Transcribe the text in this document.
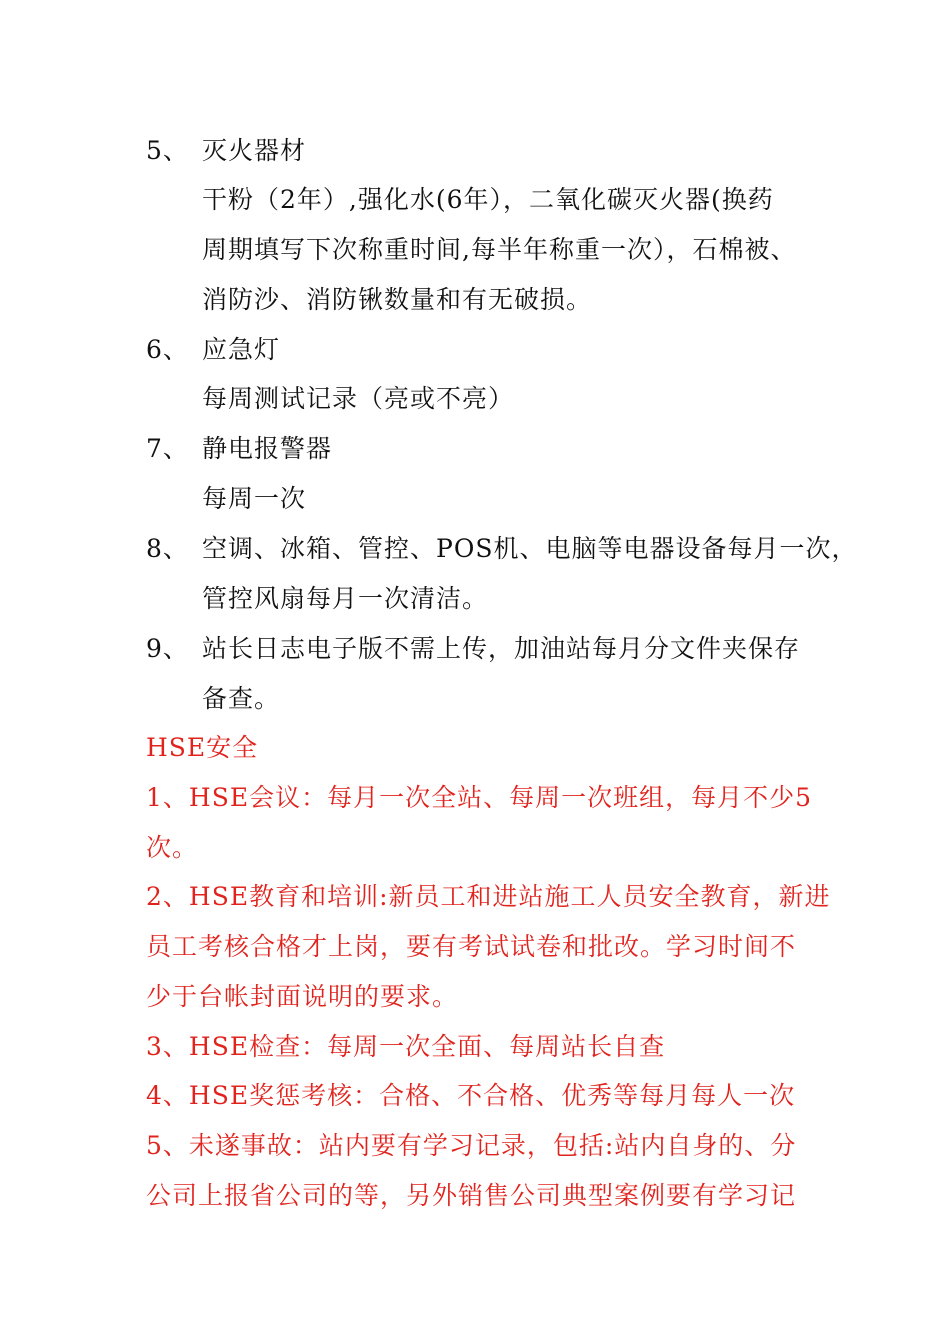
5、 灭火器材
干粉（2年）,强化水(6年），二氧化碳灭火器(换药
周期填写下次称重时间,每半年称重一次），石棉被、
消防沙、消防锹数量和有无破损。
6、 应急灯
每周测试记录（亮或不亮）
7、 静电报警器
每周一次
8、 空调、冰箱、管控、POS机、电脑等电器设备每月一次，
管控风扇每月一次清洁。
9、 站长日志电子版不需上传，加油站每月分文件夹保存
备查。
HSE安全
1、HSE会议：每月一次全站、每周一次班组，每月不少5
次。
2、HSE教育和培训:新员工和进站施工人员安全教育，新进
员工考核合格才上岗，要有考试试卷和批改。学习时间不
少于台帐封面说明的要求。
3、HSE检查：每周一次全面、每周站长自查
4、HSE奖惩考核：合格、不合格、优秀等每月每人一次
5、未遂事故：站内要有学习记录，包括:站内自身的、分
公司上报省公司的等，另外销售公司典型案例要有学习记
